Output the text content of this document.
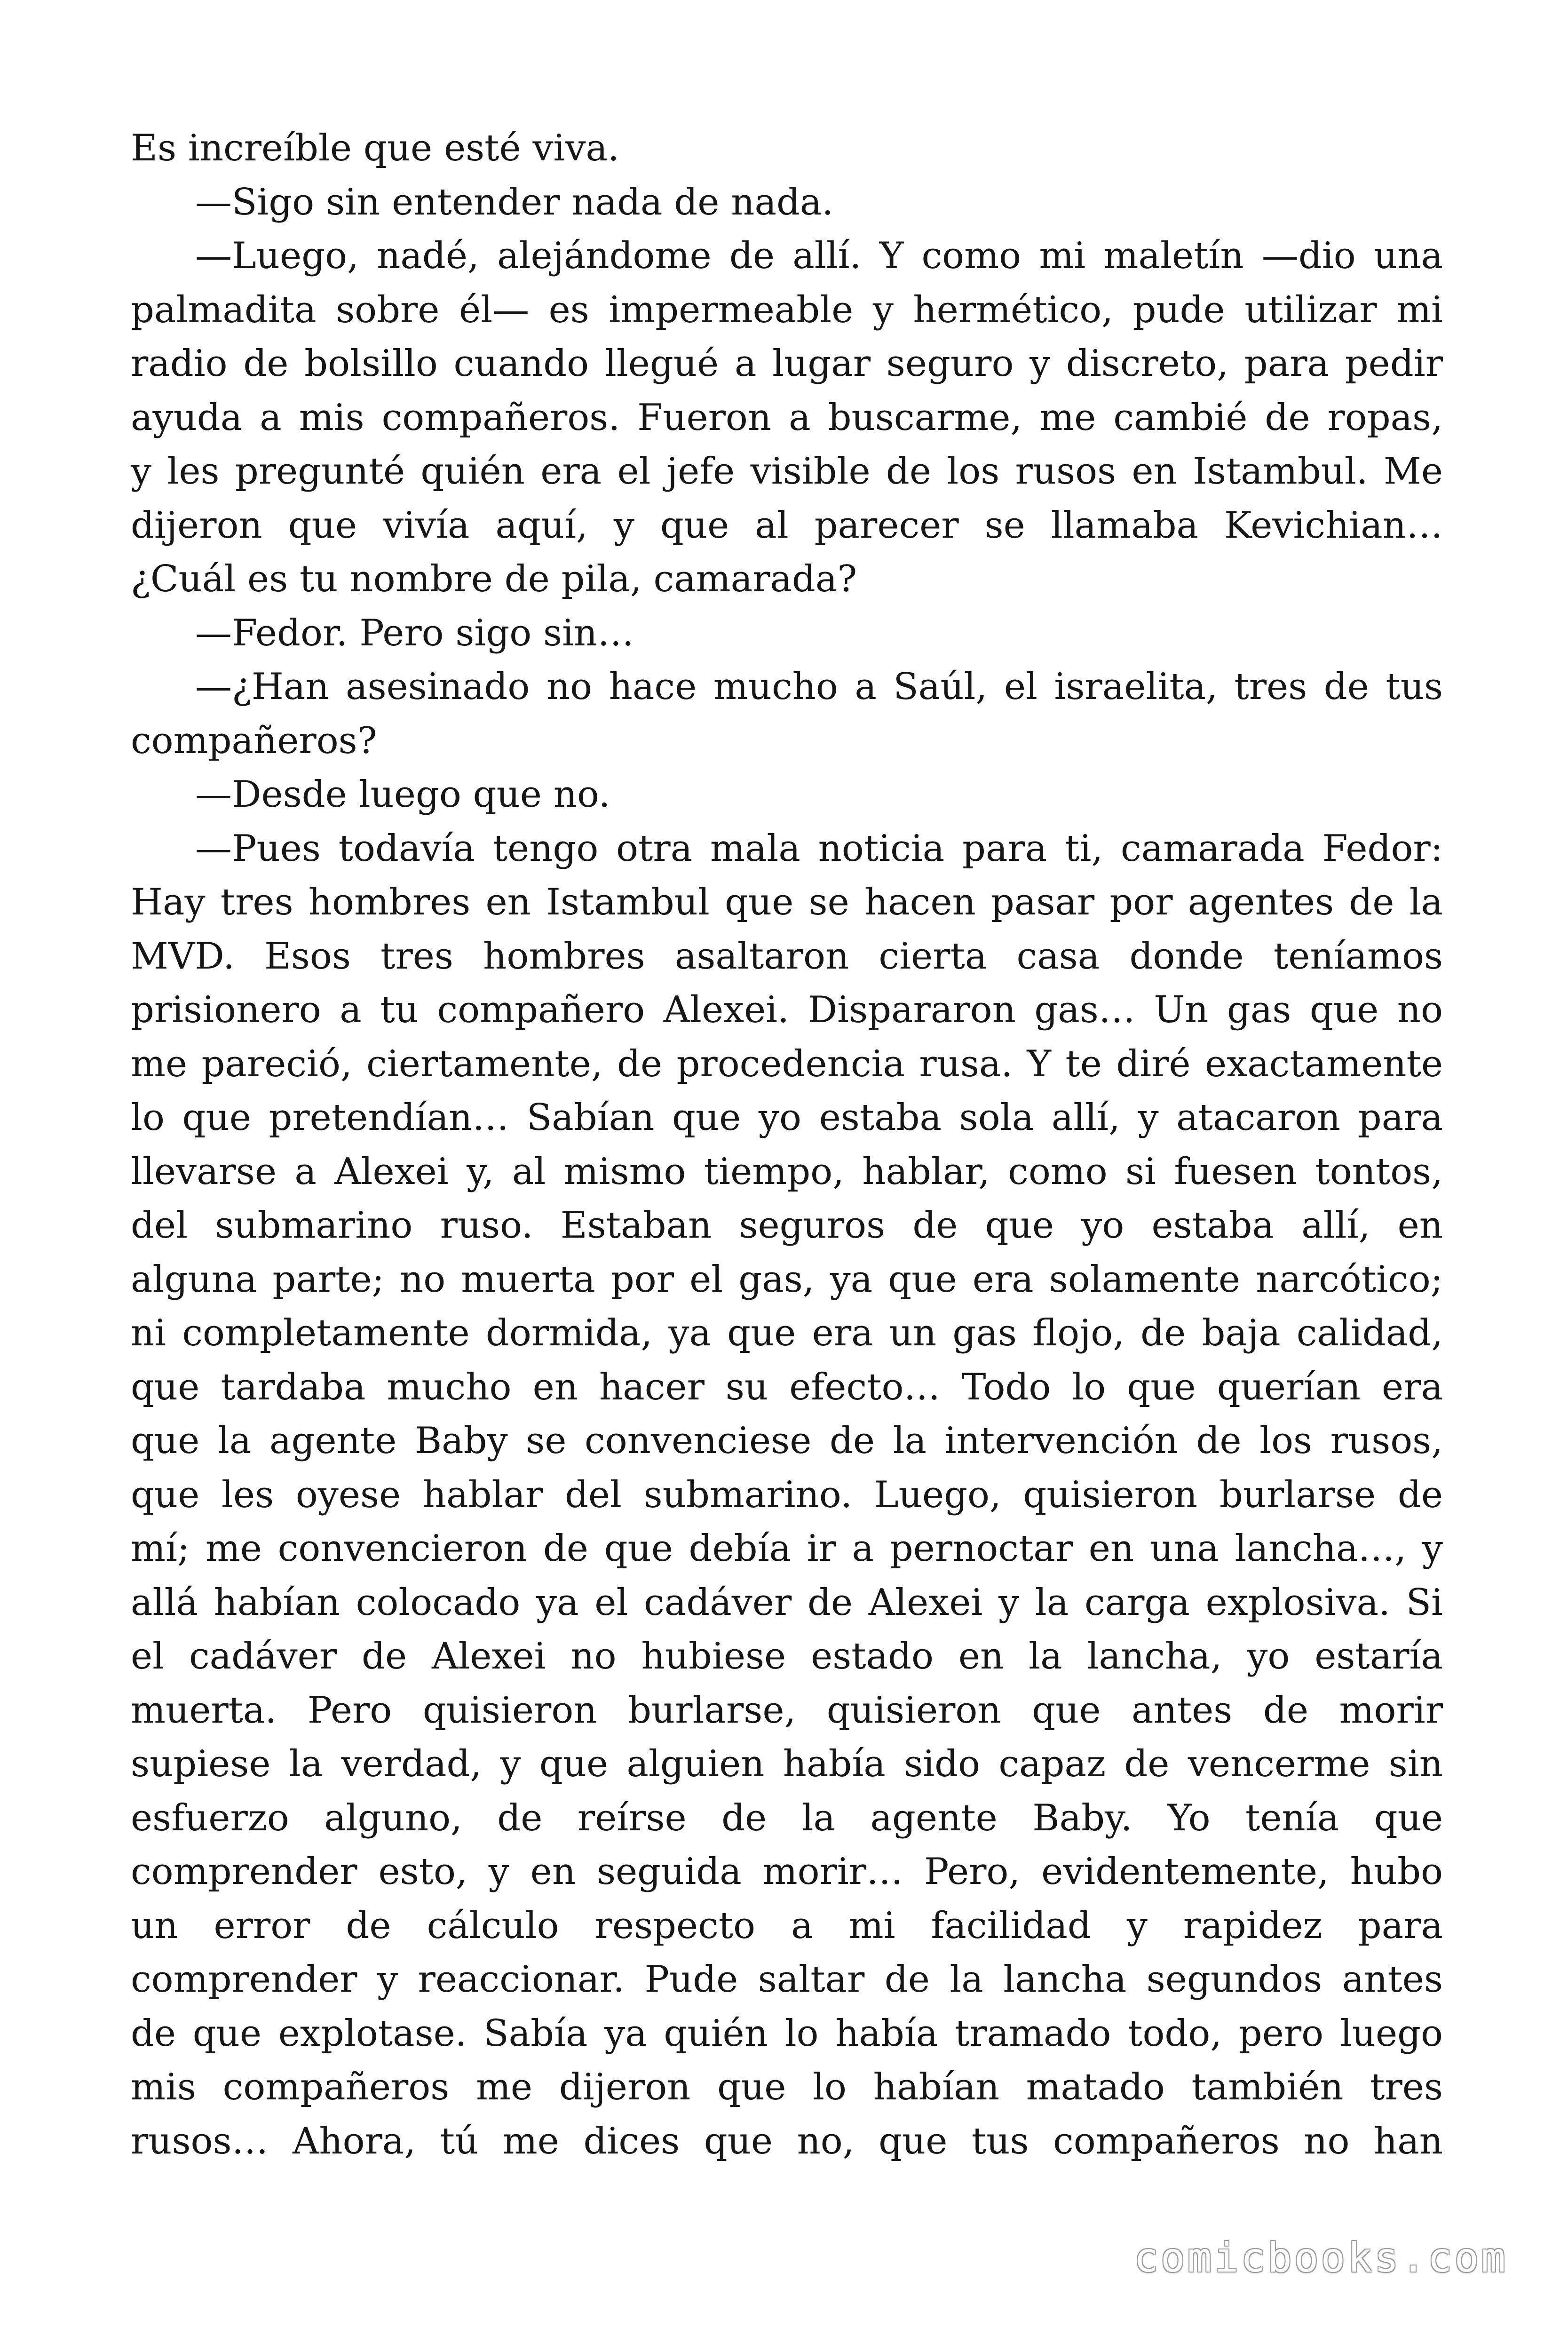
Es increíble que esté viva.
—Sigo sin entender nada de nada.
—Luego, nadé, alejándome de allí. Y como mi maletín —dio una
palmadita sobre él— es impermeable y hermético, pude utilizar mi
radio de bolsillo cuando llegué a lugar seguro y discreto, para pedir
ayuda a mis compañeros. Fueron a buscarme, me cambié de ropas,
y les pregunté quién era el jefe visible de los rusos en Istambul. Me
dijeron que vivía aquí, y que al parecer se llamaba Kevichian…
¿Cuál es tu nombre de pila, camarada?
—Fedor. Pero sigo sin…
—¿Han asesinado no hace mucho a Saúl, el israelita, tres de tus
compañeros?
—Desde luego que no.
—Pues todavía tengo otra mala noticia para ti, camarada Fedor:
Hay tres hombres en Istambul que se hacen pasar por agentes de la
MVD. Esos tres hombres asaltaron cierta casa donde teníamos
prisionero a tu compañero Alexei. Dispararon gas… Un gas que no
me pareció, ciertamente, de procedencia rusa. Y te diré exactamente
lo que pretendían… Sabían que yo estaba sola allí, y atacaron para
llevarse a Alexei y, al mismo tiempo, hablar, como si fuesen tontos,
del submarino ruso. Estaban seguros de que yo estaba allí, en
alguna parte; no muerta por el gas, ya que era solamente narcótico;
ni completamente dormida, ya que era un gas flojo, de baja calidad,
que tardaba mucho en hacer su efecto… Todo lo que querían era
que la agente Baby se convenciese de la intervención de los rusos,
que les oyese hablar del submarino. Luego, quisieron burlarse de
mí; me convencieron de que debía ir a pernoctar en una lancha…, y
allá habían colocado ya el cadáver de Alexei y la carga explosiva. Si
el cadáver de Alexei no hubiese estado en la lancha, yo estaría
muerta. Pero quisieron burlarse, quisieron que antes de morir
supiese la verdad, y que alguien había sido capaz de vencerme sin
esfuerzo alguno, de reírse de la agente Baby. Yo tenía que
comprender esto, y en seguida morir… Pero, evidentemente, hubo
un error de cálculo respecto a mi facilidad y rapidez para
comprender y reaccionar. Pude saltar de la lancha segundos antes
de que explotase. Sabía ya quién lo había tramado todo, pero luego
mis compañeros me dijeron que lo habían matado también tres
rusos… Ahora, tú me dices que no, que tus compañeros no han
comicbooks.com
